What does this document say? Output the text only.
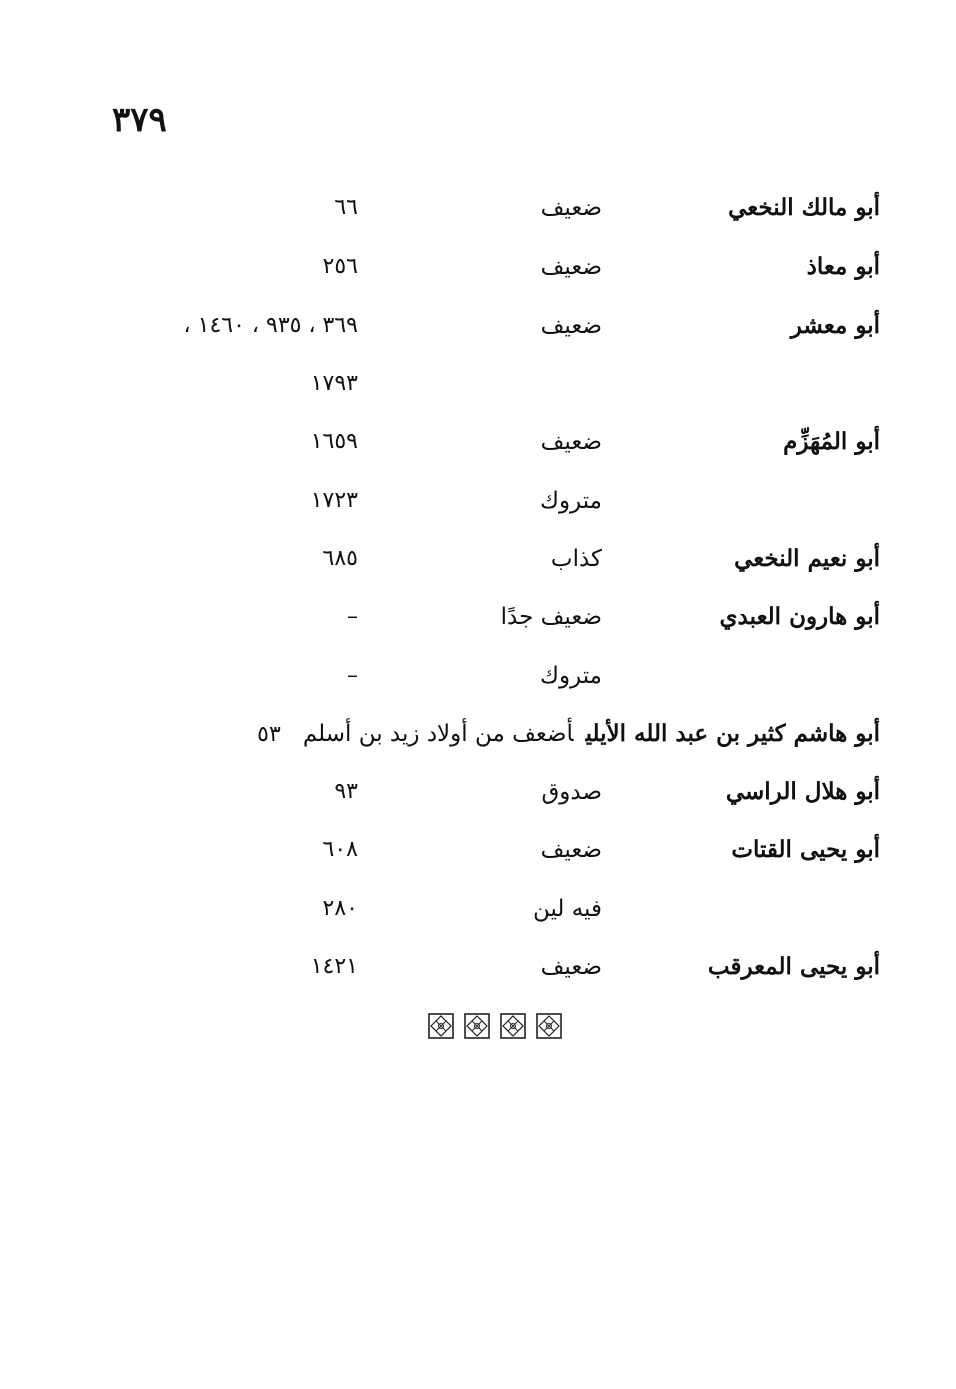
٣٧٩
أبو مالك النخعي
ضعيف
٦٦
أبو معاذ
ضعيف
٢٥٦
أبو معشر
ضعيف
٣٦٩ ، ٩٣٥ ، ١٤٦٠ ،
١٧٩٣
أبو المُهَزِّم
ضعيف
١٦٥٩
متروك
١٧٢٣
أبو نعيم النخعي
كذاب
٦٨٥
أبو هارون العبدي
ضعيف جدًا
–
متروك
–
أبو هاشم كثير بن عبد الله الأيليأضعف من أولاد زيد بن أسلم٥٣
أبو هلال الراسي
صدوق
٩٣
أبو يحيى القتات
ضعيف
٦٠٨
فيه لين
٢٨٠
أبو يحيى المعرقب
ضعيف
١٤٢١
